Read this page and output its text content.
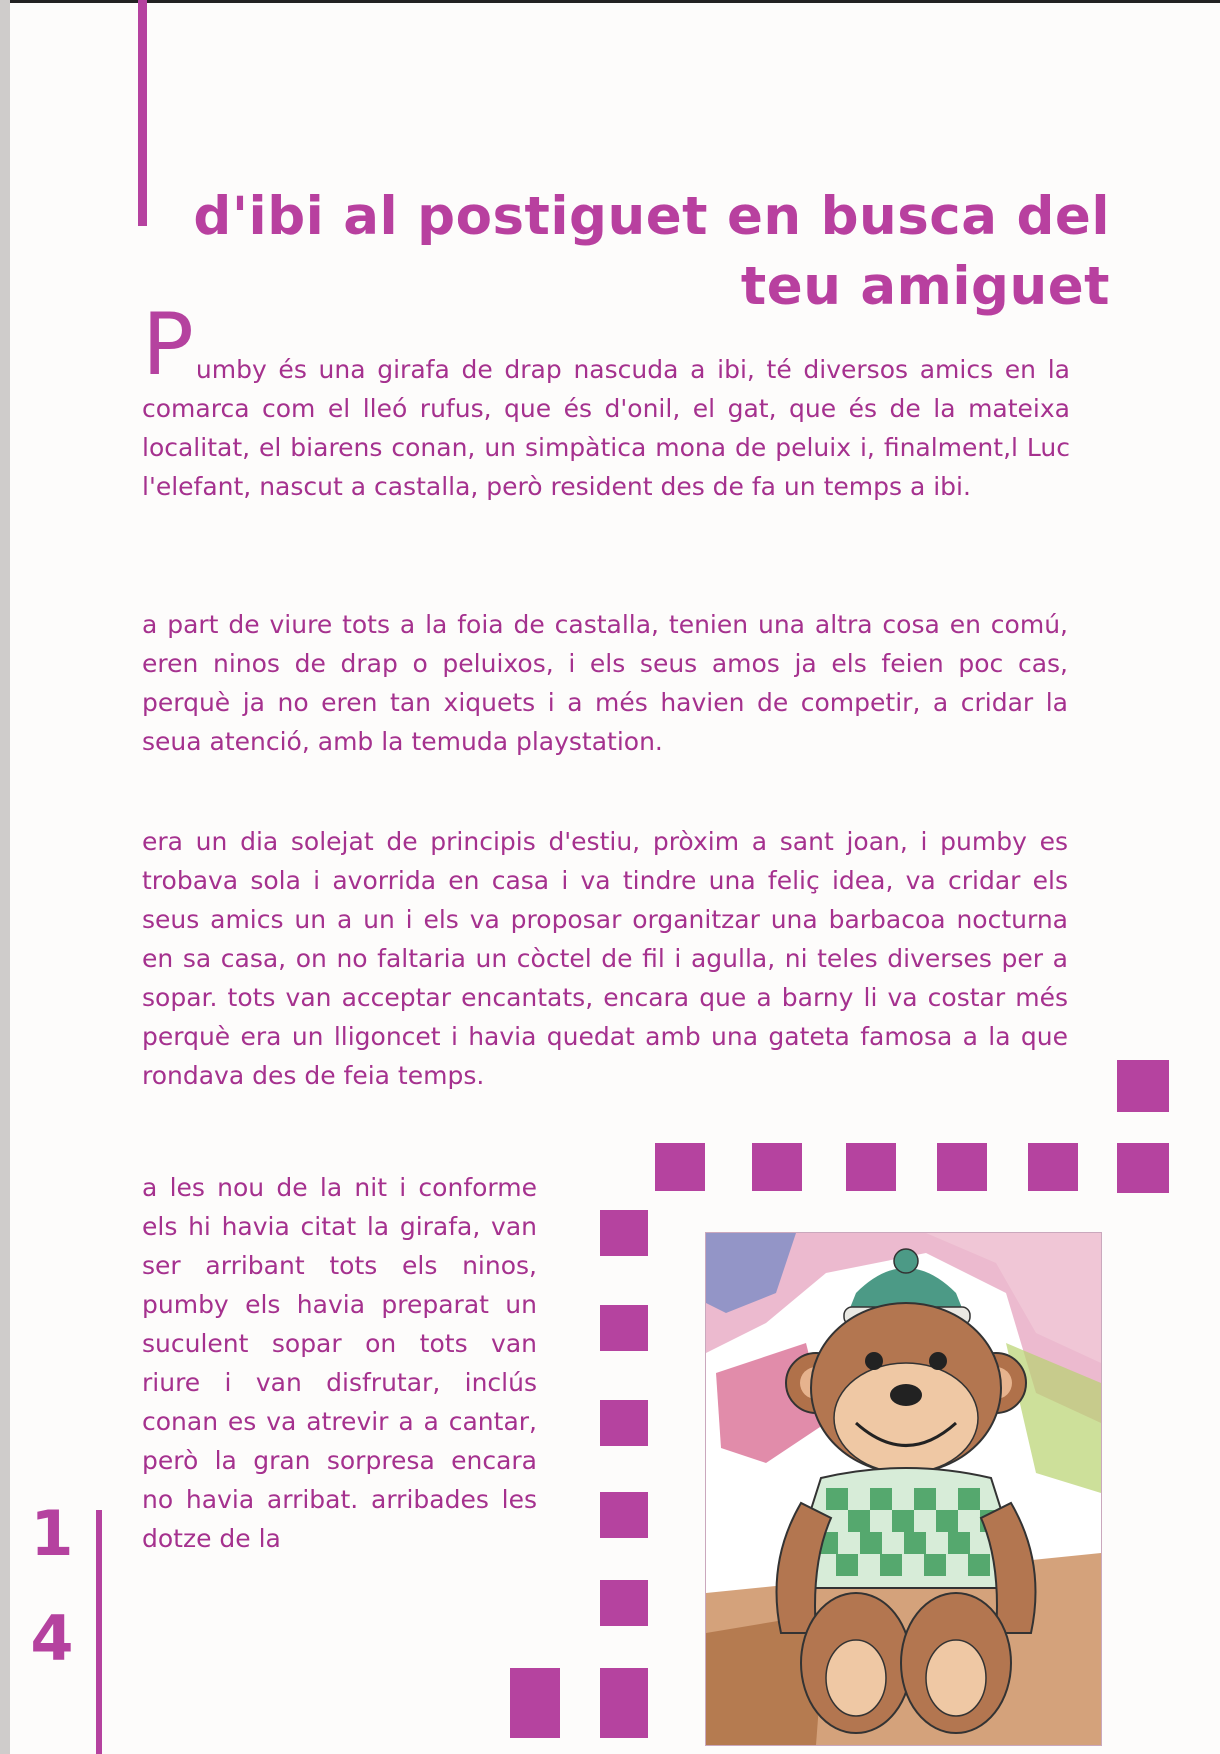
d'ibi al postiguet en busca del
teu amiguet

Pumby és una girafa de drap nascuda a ibi, té diversos amics en la comarca com el lleó rufus, que és d'onil, el gat, que és de la mateixa localitat, el biarens conan, un simpàtica mona de peluix i, finalment,l Luc l'elefant, nascut a castalla, però resident des de fa un temps a ibi.

a part de viure tots a la foia de castalla, tenien una altra cosa en comú, eren ninos de drap o peluixos, i els seus amos ja els feien poc cas, perquè ja no eren tan xiquets i a més havien de competir, a cridar la seua atenció, amb la temuda playstation.

era un dia solejat de principis d'estiu, pròxim a sant joan, i pumby es trobava sola i avorrida en casa i va tindre una feliç idea, va cridar els seus amics un a un i els va proposar organitzar una barbacoa nocturna en sa casa, on no faltaria un còctel de fil i agulla, ni teles diverses per a sopar. tots van acceptar encantats, encara que a barny li va costar més perquè era un lligoncet i havia quedat amb una gateta famosa a la que rondava des de feia temps.

a les nou de la nit i conforme els hi havia citat la girafa, van ser arribant tots els ninos, pumby els havia preparat un suculent sopar on tots van riure i van disfrutar, inclús conan es va atrevir a a cantar, però la gran sorpresa encara no havia arribat. arribades les dotze de la

1
4
